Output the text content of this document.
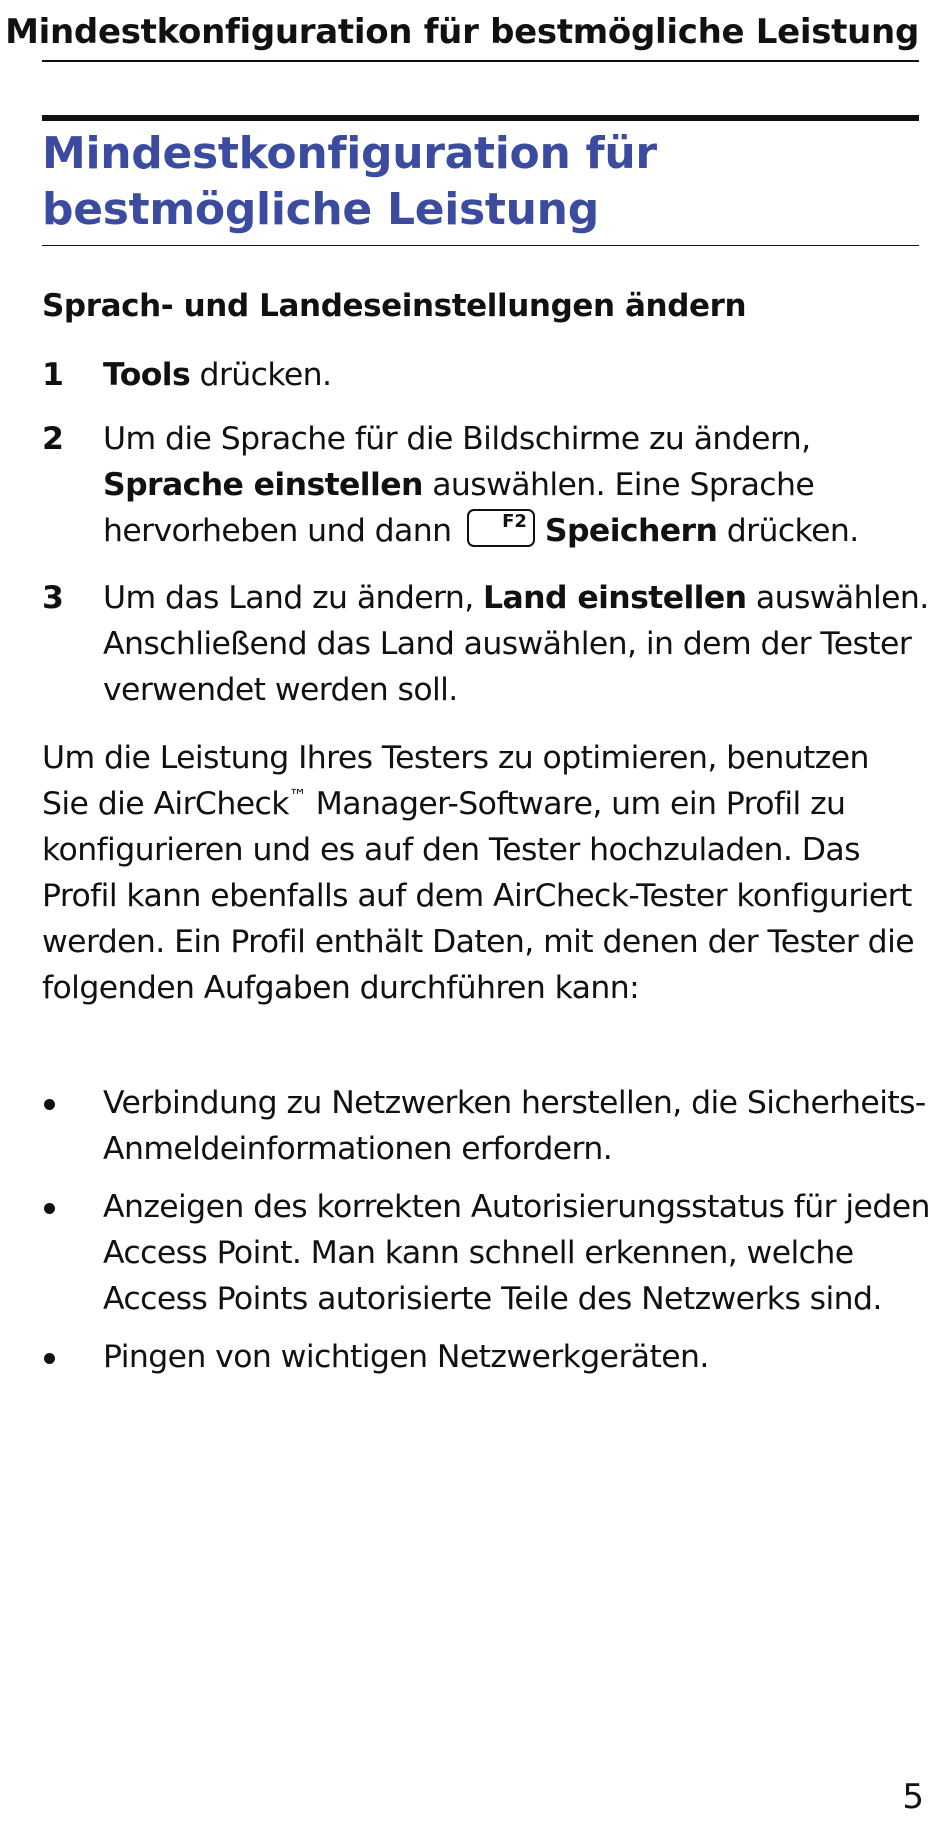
Mindestkonfiguration für bestmögliche Leistung
Mindestkonfiguration für bestmögliche Leistung
Sprach- und Landeseinstellungen ändern
1	Tools drücken.
2	Um die Sprache für die Bildschirme zu ändern, Sprache einstellen auswählen. Eine Sprache hervorheben und dann F2 Speichern drücken.
3	Um das Land zu ändern, Land einstellen auswählen. Anschließend das Land auswählen, in dem der Tester verwendet werden soll.
Um die Leistung Ihres Testers zu optimieren, benutzen Sie die AirCheck™ Manager-Software, um ein Profil zu konfigurieren und es auf den Tester hochzuladen. Das Profil kann ebenfalls auf dem AirCheck-Tester konfiguriert werden. Ein Profil enthält Daten, mit denen der Tester die folgenden Aufgaben durchführen kann:
Verbindung zu Netzwerken herstellen, die Sicherheits-Anmeldeinformationen erfordern.
Anzeigen des korrekten Autorisierungsstatus für jeden Access Point. Man kann schnell erkennen, welche Access Points autorisierte Teile des Netzwerks sind.
Pingen von wichtigen Netzwerkgeräten.
5
